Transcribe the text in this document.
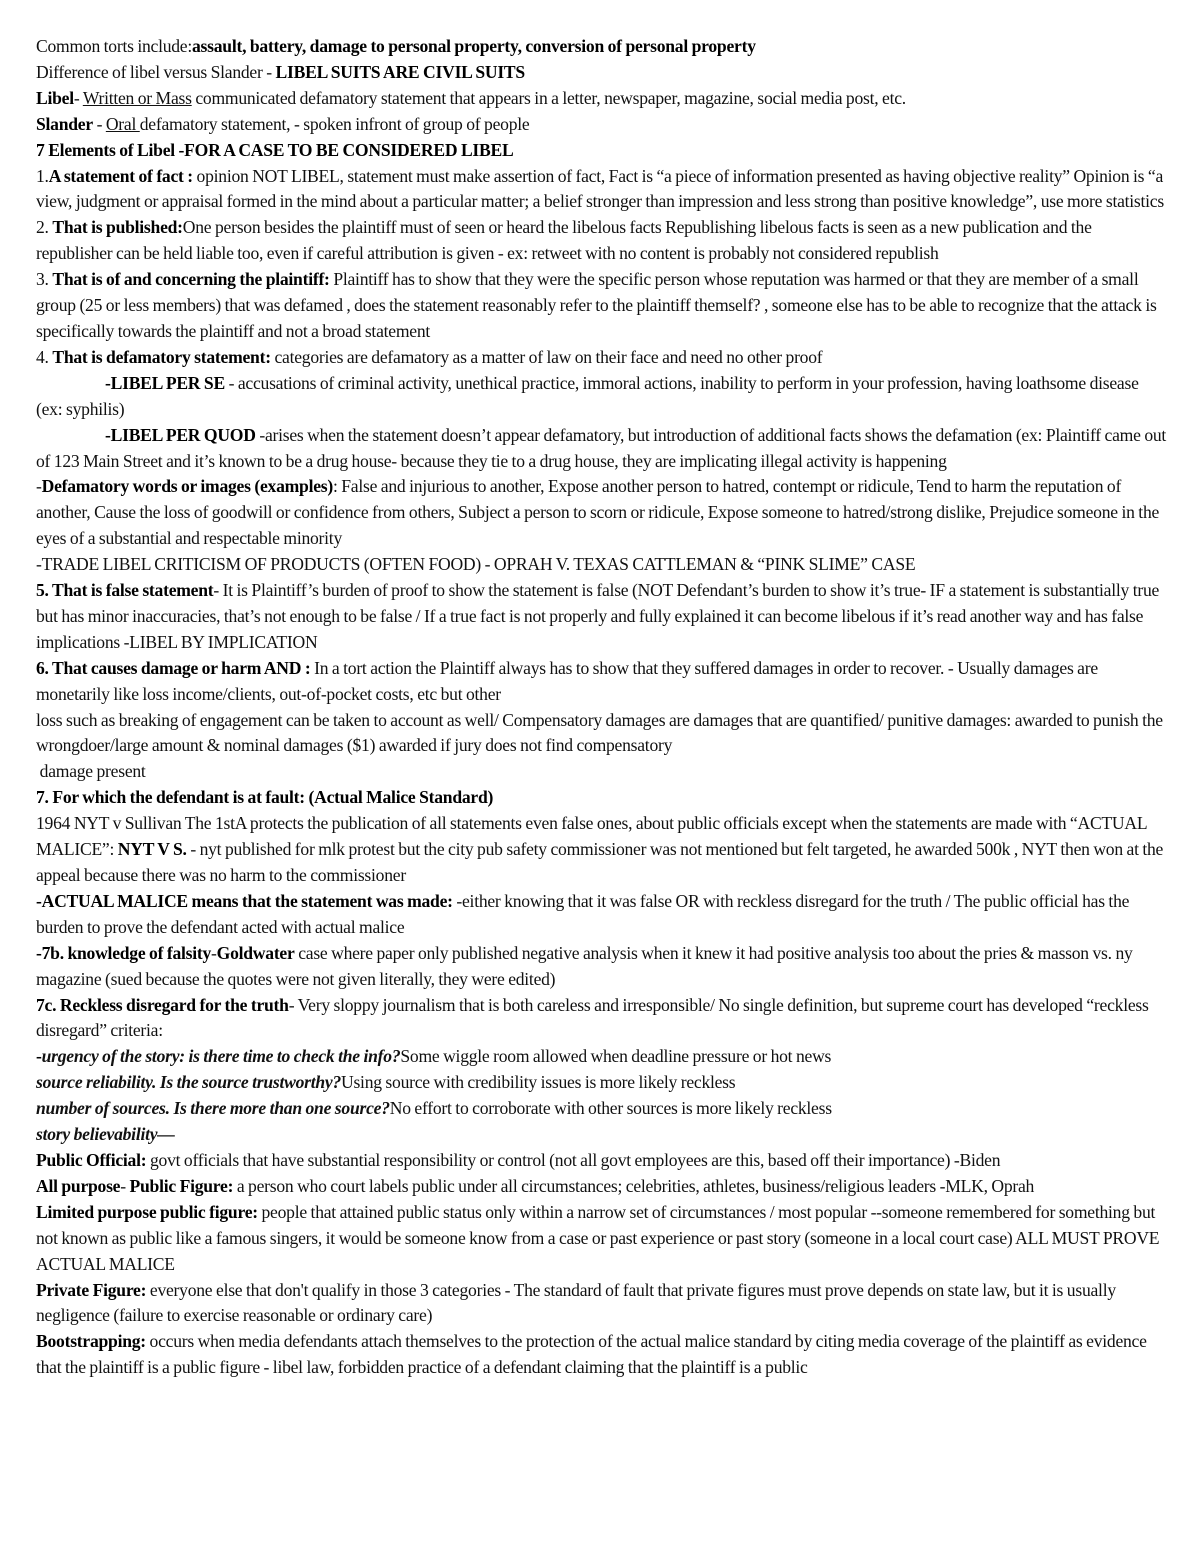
Common torts include:assault, battery, damage to personal property, conversion of personal property

Difference of libel versus Slander - LIBEL SUITS ARE CIVIL SUITS

Libel- Written or Mass communicated defamatory statement that appears in a letter, newspaper, magazine, social media post, etc.

Slander - Oral defamatory statement, - spoken infront of group of people

7 Elements of Libel -FOR A CASE TO BE CONSIDERED LIBEL

1.A statement of fact : opinion NOT LIBEL, statement must make assertion of fact, Fact is “a piece of information presented as having objective reality” Opinion is “a view, judgment or appraisal formed in the mind about a particular matter; a belief stronger than impression and less strong than positive knowledge”, use more statistics

2. That is published:One person besides the plaintiff must of seen or heard the libelous facts Republishing libelous facts is seen as a new publication and the republisher can be held liable too, even if careful attribution is given - ex: retweet with no content is probably not considered republish

3. That is of and concerning the plaintiff: Plaintiff has to show that they were the specific person whose reputation was harmed or that they are member of a small group (25 or less members) that was defamed , does the statement reasonably refer to the plaintiff themself? , someone else has to be able to recognize that the attack is specifically towards the plaintiff and not a broad statement

4. That is defamatory statement: categories are defamatory as a matter of law on their face and need no other proof

-LIBEL PER SE - accusations of criminal activity, unethical practice, immoral actions, inability to perform in your profession, having loathsome disease (ex: syphilis)

-LIBEL PER QUOD -arises when the statement doesn’t appear defamatory, but introduction of additional facts shows the defamation (ex: Plaintiff came out of 123 Main Street and it’s known to be a drug house- because they tie to a drug house, they are implicating illegal activity is happening

-Defamatory words or images (examples): False and injurious to another, Expose another person to hatred, contempt or ridicule, Tend to harm the reputation of another, Cause the loss of goodwill or confidence from others, Subject a person to scorn or ridicule, Expose someone to hatred/strong dislike, Prejudice someone in the eyes of a substantial and respectable minority

-TRADE LIBEL CRITICISM OF PRODUCTS (OFTEN FOOD) - OPRAH V. TEXAS CATTLEMAN & “PINK SLIME” CASE

5. That is false statement- It is Plaintiff’s burden of proof to show the statement is false (NOT Defendant’s burden to show it’s true- IF a statement is substantially true but has minor inaccuracies, that’s not enough to be false / If a true fact is not properly and fully explained it can become libelous if it’s read another way and has false implications -LIBEL BY IMPLICATION

6. That causes damage or harm AND : In a tort action the Plaintiff always has to show that they suffered damages in order to recover. - Usually damages are monetarily like loss income/clients, out-of-pocket costs, etc but other

loss such as breaking of engagement can be taken to account as well/ Compensatory damages are damages that are quantified/ punitive damages: awarded to punish the wrongdoer/large amount & nominal damages ($1) awarded if jury does not find compensatory

damage present

7. For which the defendant is at fault: (Actual Malice Standard)

1964 NYT v Sullivan The 1stA protects the publication of all statements even false ones, about public officials except when the statements are made with “ACTUAL MALICE”: NYT V S. - nyt published for mlk protest but the city pub safety commissioner was not mentioned but felt targeted, he awarded 500k , NYT then won at the appeal because there was no harm to the commissioner

-ACTUAL MALICE means that the statement was made: -either knowing that it was false OR with reckless disregard for the truth / The public official has the burden to prove the defendant acted with actual malice

-7b. knowledge of falsity-Goldwater case where paper only published negative analysis when it knew it had positive analysis too about the pries & masson vs. ny magazine (sued because the quotes were not given literally, they were edited)

7c. Reckless disregard for the truth- Very sloppy journalism that is both careless and irresponsible/ No single definition, but supreme court has developed “reckless disregard” criteria:

-urgency of the story: is there time to check the info?Some wiggle room allowed when deadline pressure or hot news

source reliability. Is the source trustworthy?Using source with credibility issues is more likely reckless

number of sources. Is there more than one source?No effort to corroborate with other sources is more likely reckless

story believability—

Public Official: govt officials that have substantial responsibility or control (not all govt employees are this, based off their importance) -Biden

All purpose- Public Figure: a person who court labels public under all circumstances; celebrities, athletes, business/religious leaders -MLK, Oprah

Limited purpose public figure: people that attained public status only within a narrow set of circumstances / most popular --someone remembered for something but not known as public like a famous singers, it would be someone know from a case or past experience or past story (someone in a local court case) ALL MUST PROVE ACTUAL MALICE

Private Figure: everyone else that don't qualify in those 3 categories - The standard of fault that private figures must prove depends on state law, but it is usually negligence (failure to exercise reasonable or ordinary care)

Bootstrapping: occurs when media defendants attach themselves to the protection of the actual malice standard by citing media coverage of the plaintiff as evidence that the plaintiff is a public figure - libel law, forbidden practice of a defendant claiming that the plaintiff is a public
